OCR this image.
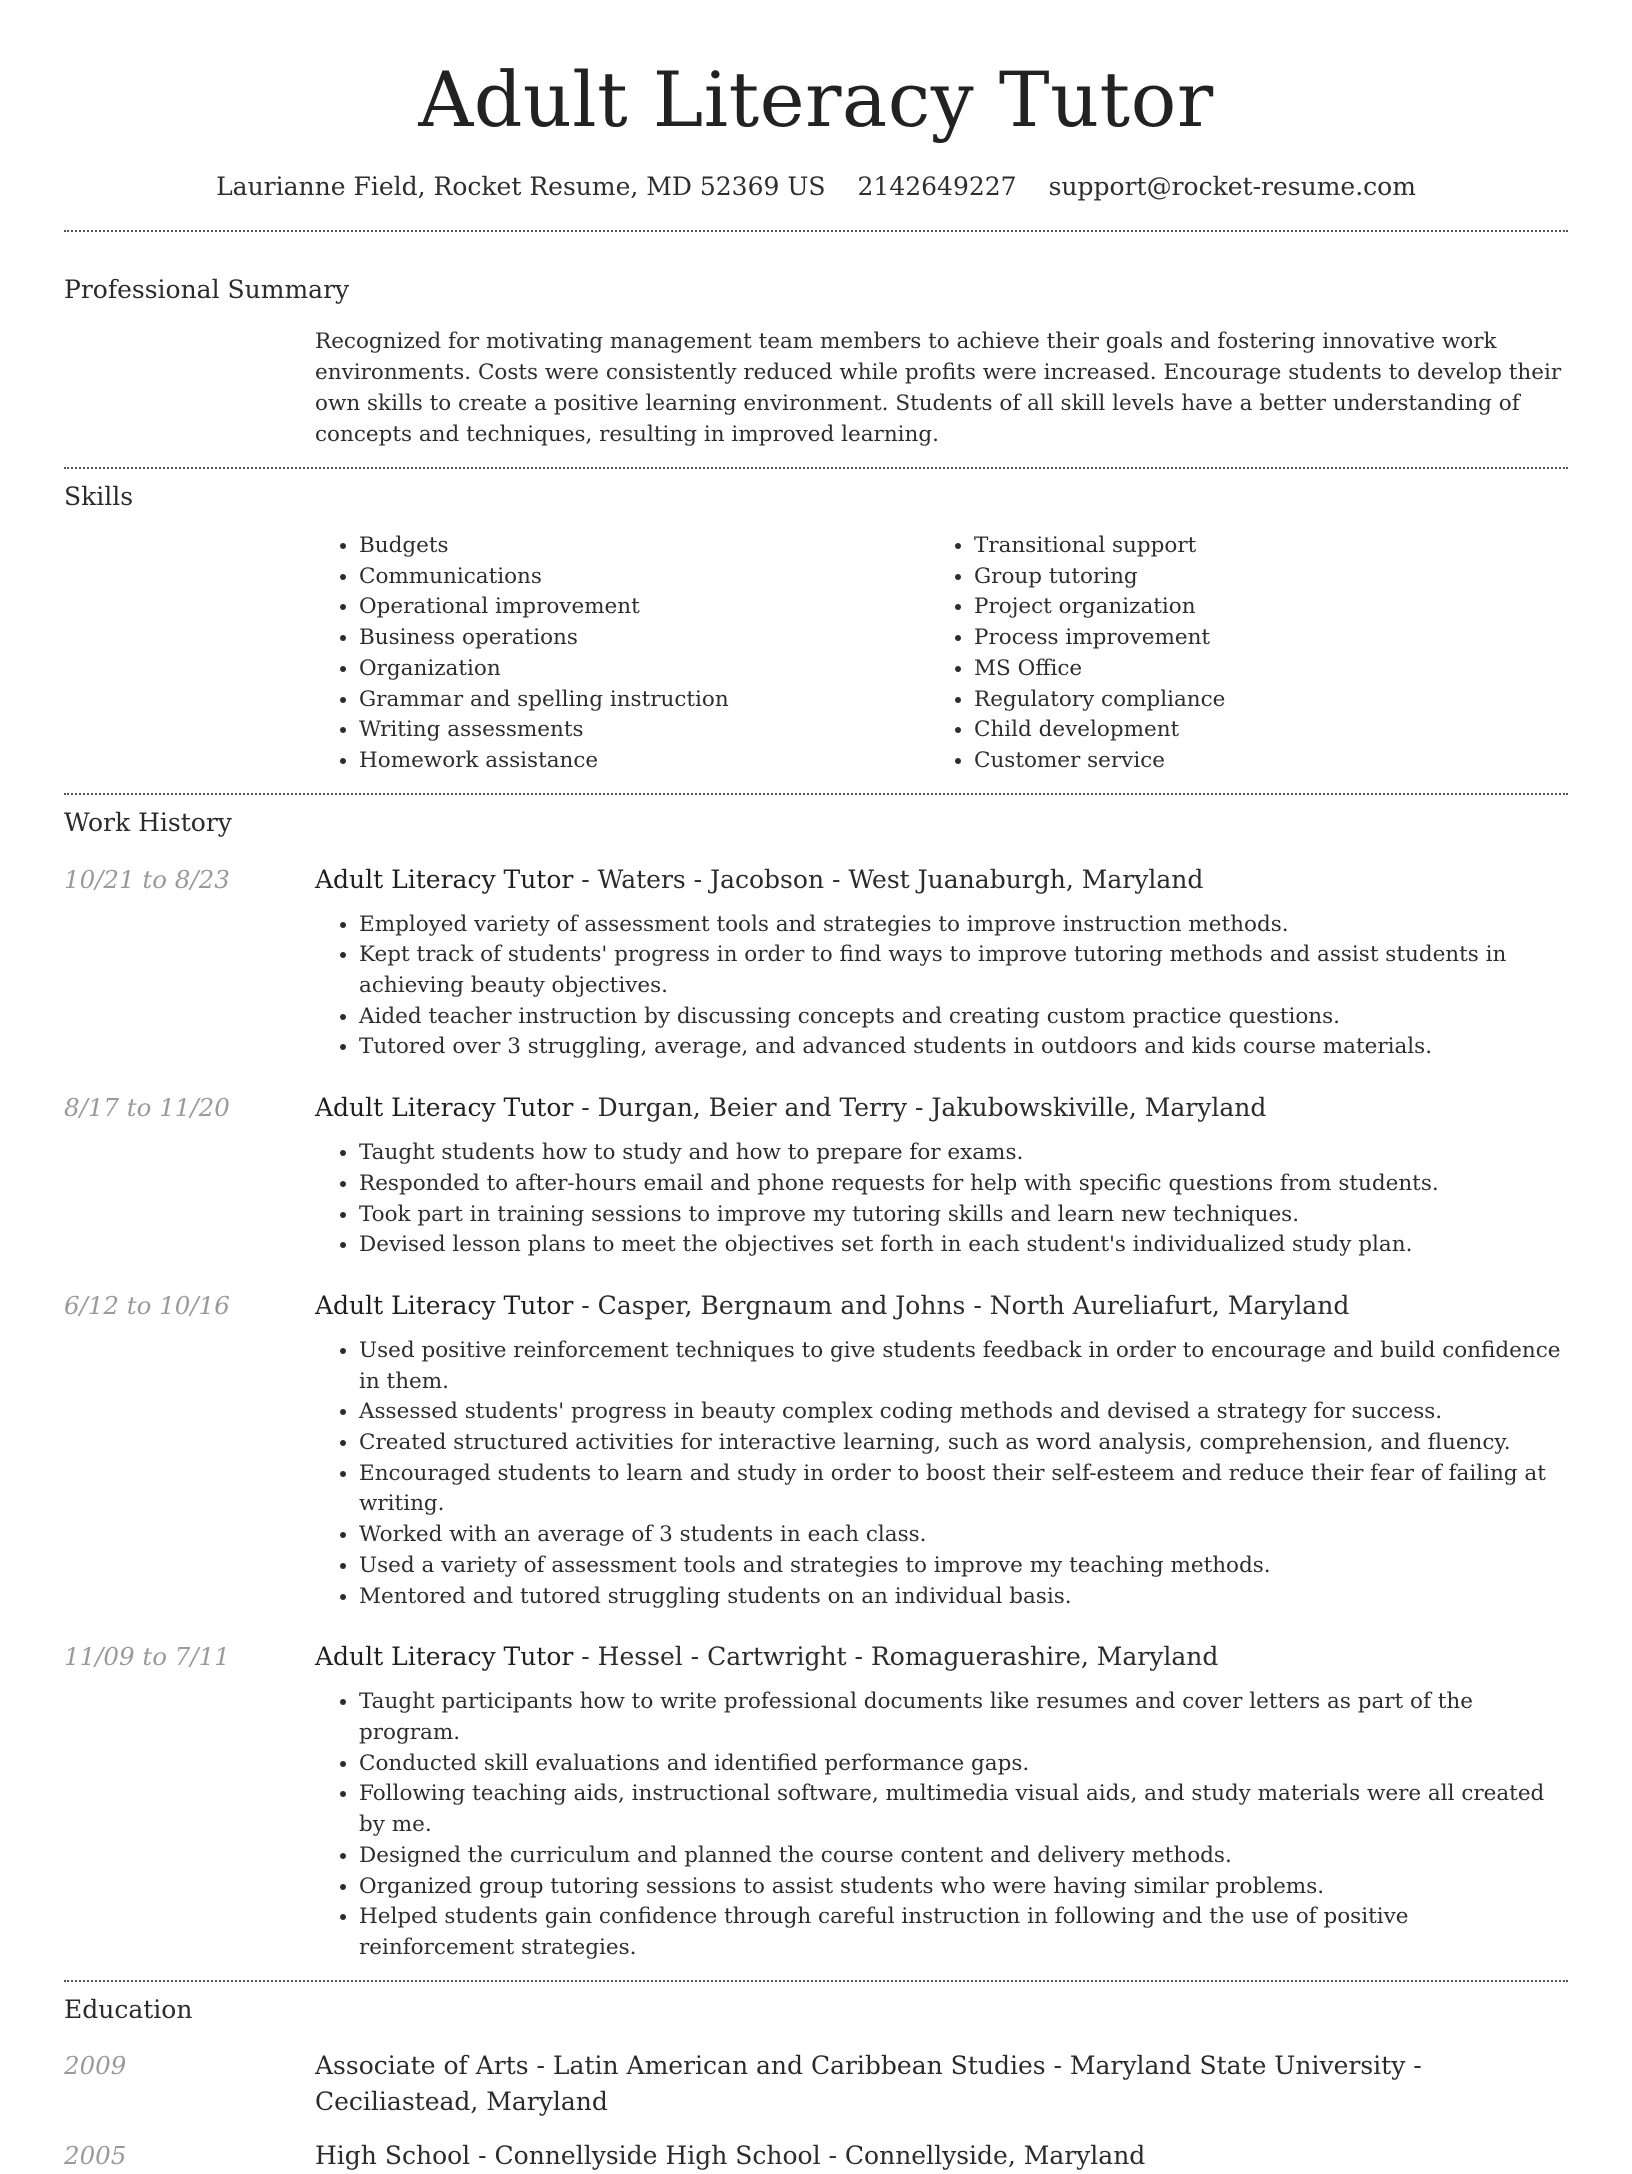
Adult Literacy Tutor
Laurianne Field, Rocket Resume, MD 52369 US 2142649227 support@rocket-resume.com
Professional Summary

Recognized for motivating management team members to achieve their goals and fostering innovative work environments. Costs were consistently reduced while profits were increased. Encourage students to develop their own skills to create a positive learning environment. Students of all skill levels have a better understanding of concepts and techniques, resulting in improved learning.

Skills
• Budgets
• Communications
• Operational improvement
• Business operations
• Organization
• Grammar and spelling instruction
• Writing assessments
• Homework assistance
• Transitional support
• Group tutoring
• Project organization
• Process improvement
• MS Office
• Regulatory compliance
• Child development
• Customer service
Work History
10/21 to 8/23	Adult Literacy Tutor - Waters - Jacobson - West Juanaburgh, Maryland
• Employed variety of assessment tools and strategies to improve instruction methods.
• Kept track of students' progress in order to find ways to improve tutoring methods and assist students in achieving beauty objectives.
• Aided teacher instruction by discussing concepts and creating custom practice questions.
• Tutored over 3 struggling, average, and advanced students in outdoors and kids course materials.
8/17 to 11/20	Adult Literacy Tutor - Durgan, Beier and Terry - Jakubowskiville, Maryland
• Taught students how to study and how to prepare for exams.
• Responded to after-hours email and phone requests for help with specific questions from students.
• Took part in training sessions to improve my tutoring skills and learn new techniques.
• Devised lesson plans to meet the objectives set forth in each student's individualized study plan.
6/12 to 10/16	Adult Literacy Tutor - Casper, Bergnaum and Johns - North Aureliafurt, Maryland
• Used positive reinforcement techniques to give students feedback in order to encourage and build confidence in them.
• Assessed students' progress in beauty complex coding methods and devised a strategy for success.
• Created structured activities for interactive learning, such as word analysis, comprehension, and fluency.
• Encouraged students to learn and study in order to boost their self-esteem and reduce their fear of failing at writing.
• Worked with an average of 3 students in each class.
• Used a variety of assessment tools and strategies to improve my teaching methods.
• Mentored and tutored struggling students on an individual basis.
11/09 to 7/11	Adult Literacy Tutor - Hessel - Cartwright - Romaguerashire, Maryland
• Taught participants how to write professional documents like resumes and cover letters as part of the program.
• Conducted skill evaluations and identified performance gaps.
• Following teaching aids, instructional software, multimedia visual aids, and study materials were all created by me.
• Designed the curriculum and planned the course content and delivery methods.
• Organized group tutoring sessions to assist students who were having similar problems.
• Helped students gain confidence through careful instruction in following and the use of positive reinforcement strategies.
Education
2009	Associate of Arts - Latin American and Caribbean Studies - Maryland State University - Ceciliastead, Maryland
2005	High School - Connellyside High School - Connellyside, Maryland
